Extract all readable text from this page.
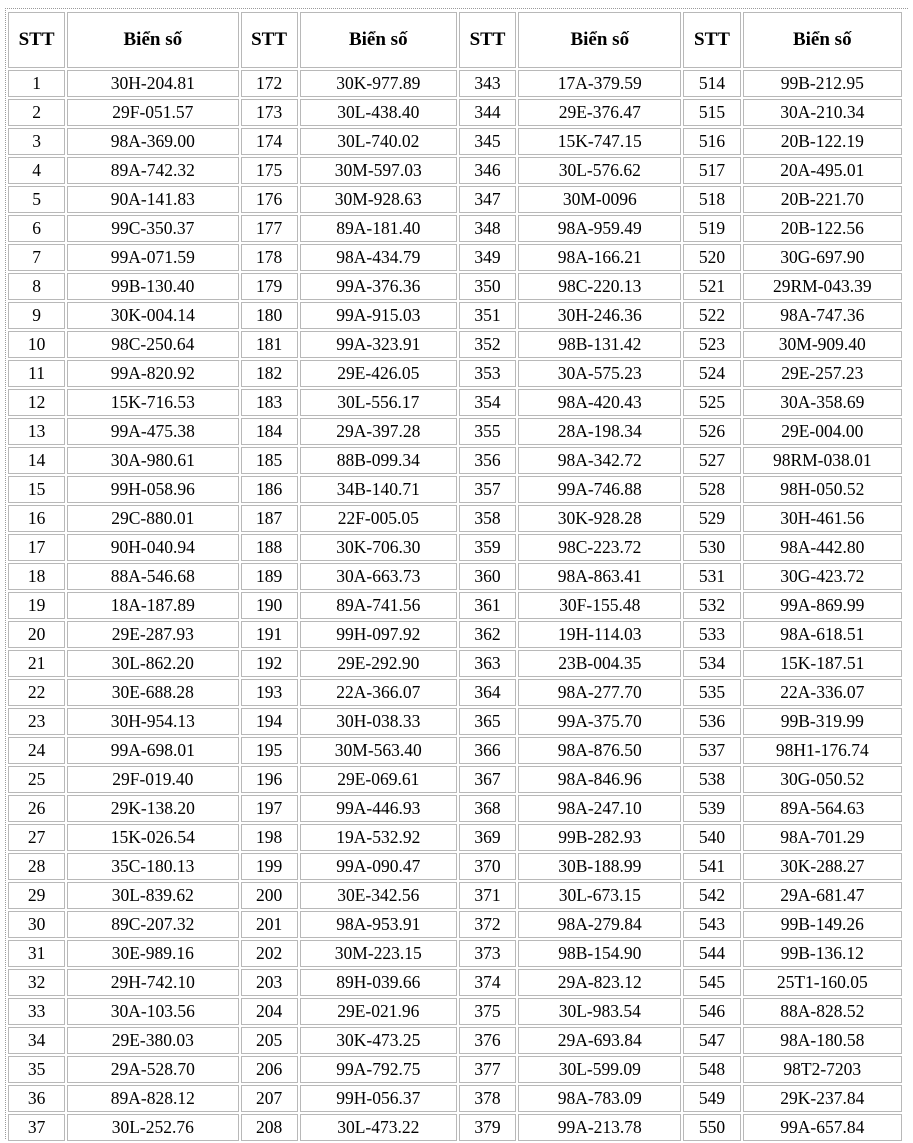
STT	Biển số	STT	Biển số	STT	Biển số	STT	Biển số
1	30H-204.81	172	30K-977.89	343	17A-379.59	514	99B-212.95
2	29F-051.57	173	30L-438.40	344	29E-376.47	515	30A-210.34
3	98A-369.00	174	30L-740.02	345	15K-747.15	516	20B-122.19
4	89A-742.32	175	30M-597.03	346	30L-576.62	517	20A-495.01
5	90A-141.83	176	30M-928.63	347	30M-0096	518	20B-221.70
6	99C-350.37	177	89A-181.40	348	98A-959.49	519	20B-122.56
7	99A-071.59	178	98A-434.79	349	98A-166.21	520	30G-697.90
8	99B-130.40	179	99A-376.36	350	98C-220.13	521	29RM-043.39
9	30K-004.14	180	99A-915.03	351	30H-246.36	522	98A-747.36
10	98C-250.64	181	99A-323.91	352	98B-131.42	523	30M-909.40
11	99A-820.92	182	29E-426.05	353	30A-575.23	524	29E-257.23
12	15K-716.53	183	30L-556.17	354	98A-420.43	525	30A-358.69
13	99A-475.38	184	29A-397.28	355	28A-198.34	526	29E-004.00
14	30A-980.61	185	88B-099.34	356	98A-342.72	527	98RM-038.01
15	99H-058.96	186	34B-140.71	357	99A-746.88	528	98H-050.52
16	29C-880.01	187	22F-005.05	358	30K-928.28	529	30H-461.56
17	90H-040.94	188	30K-706.30	359	98C-223.72	530	98A-442.80
18	88A-546.68	189	30A-663.73	360	98A-863.41	531	30G-423.72
19	18A-187.89	190	89A-741.56	361	30F-155.48	532	99A-869.99
20	29E-287.93	191	99H-097.92	362	19H-114.03	533	98A-618.51
21	30L-862.20	192	29E-292.90	363	23B-004.35	534	15K-187.51
22	30E-688.28	193	22A-366.07	364	98A-277.70	535	22A-336.07
23	30H-954.13	194	30H-038.33	365	99A-375.70	536	99B-319.99
24	99A-698.01	195	30M-563.40	366	98A-876.50	537	98H1-176.74
25	29F-019.40	196	29E-069.61	367	98A-846.96	538	30G-050.52
26	29K-138.20	197	99A-446.93	368	98A-247.10	539	89A-564.63
27	15K-026.54	198	19A-532.92	369	99B-282.93	540	98A-701.29
28	35C-180.13	199	99A-090.47	370	30B-188.99	541	30K-288.27
29	30L-839.62	200	30E-342.56	371	30L-673.15	542	29A-681.47
30	89C-207.32	201	98A-953.91	372	98A-279.84	543	99B-149.26
31	30E-989.16	202	30M-223.15	373	98B-154.90	544	99B-136.12
32	29H-742.10	203	89H-039.66	374	29A-823.12	545	25T1-160.05
33	30A-103.56	204	29E-021.96	375	30L-983.54	546	88A-828.52
34	29E-380.03	205	30K-473.25	376	29A-693.84	547	98A-180.58
35	29A-528.70	206	99A-792.75	377	30L-599.09	548	98T2-7203
36	89A-828.12	207	99H-056.37	378	98A-783.09	549	29K-237.84
37	30L-252.76	208	30L-473.22	379	99A-213.78	550	99A-657.84
